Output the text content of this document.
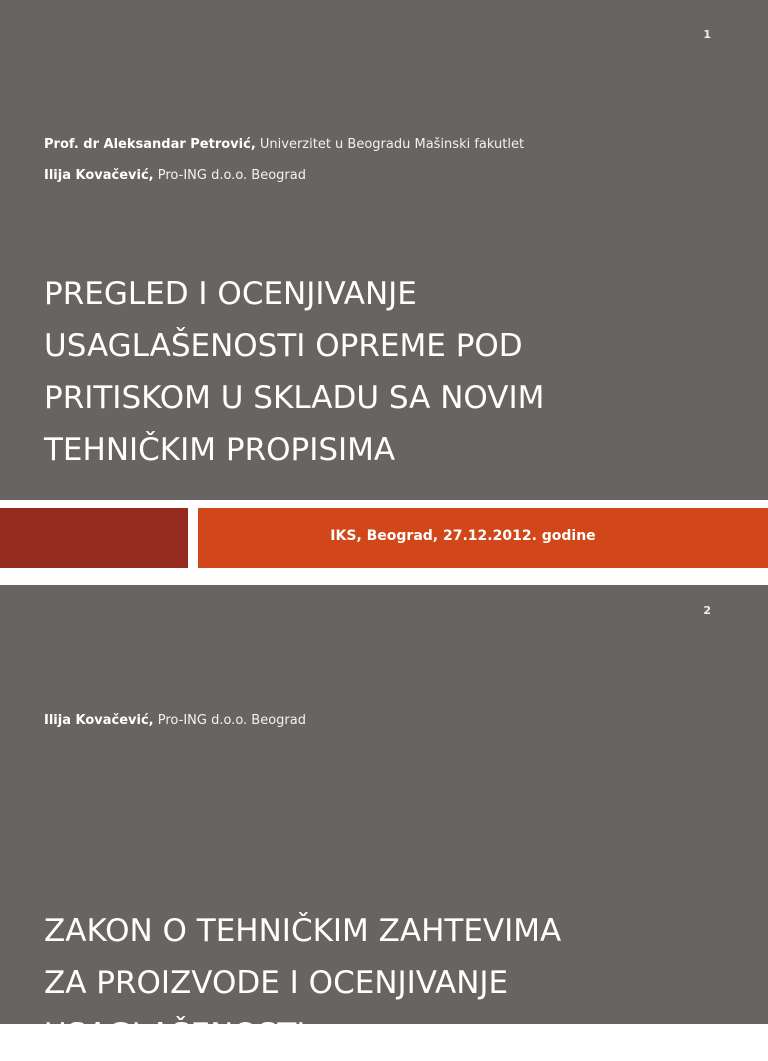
1
Prof. dr Aleksandar Petrović, Univerzitet u Beogradu Mašinski fakutlet
Ilija Kovačević, Pro-ING d.o.o. Beograd
PREGLED I OCENJIVANJE
USAGLAŠENOSTI OPREME POD
PRITISKOM U SKLADU SA NOVIM
TEHNIČKIM PROPISIMA
IKS, Beograd, 27.12.2012. godine
2
Ilija Kovačević, Pro-ING d.o.o. Beograd
ZAKON O TEHNIČKIM ZAHTEVIMA
ZA PROIZVODE I OCENJIVANJE
USAGLAŠENOSTI
